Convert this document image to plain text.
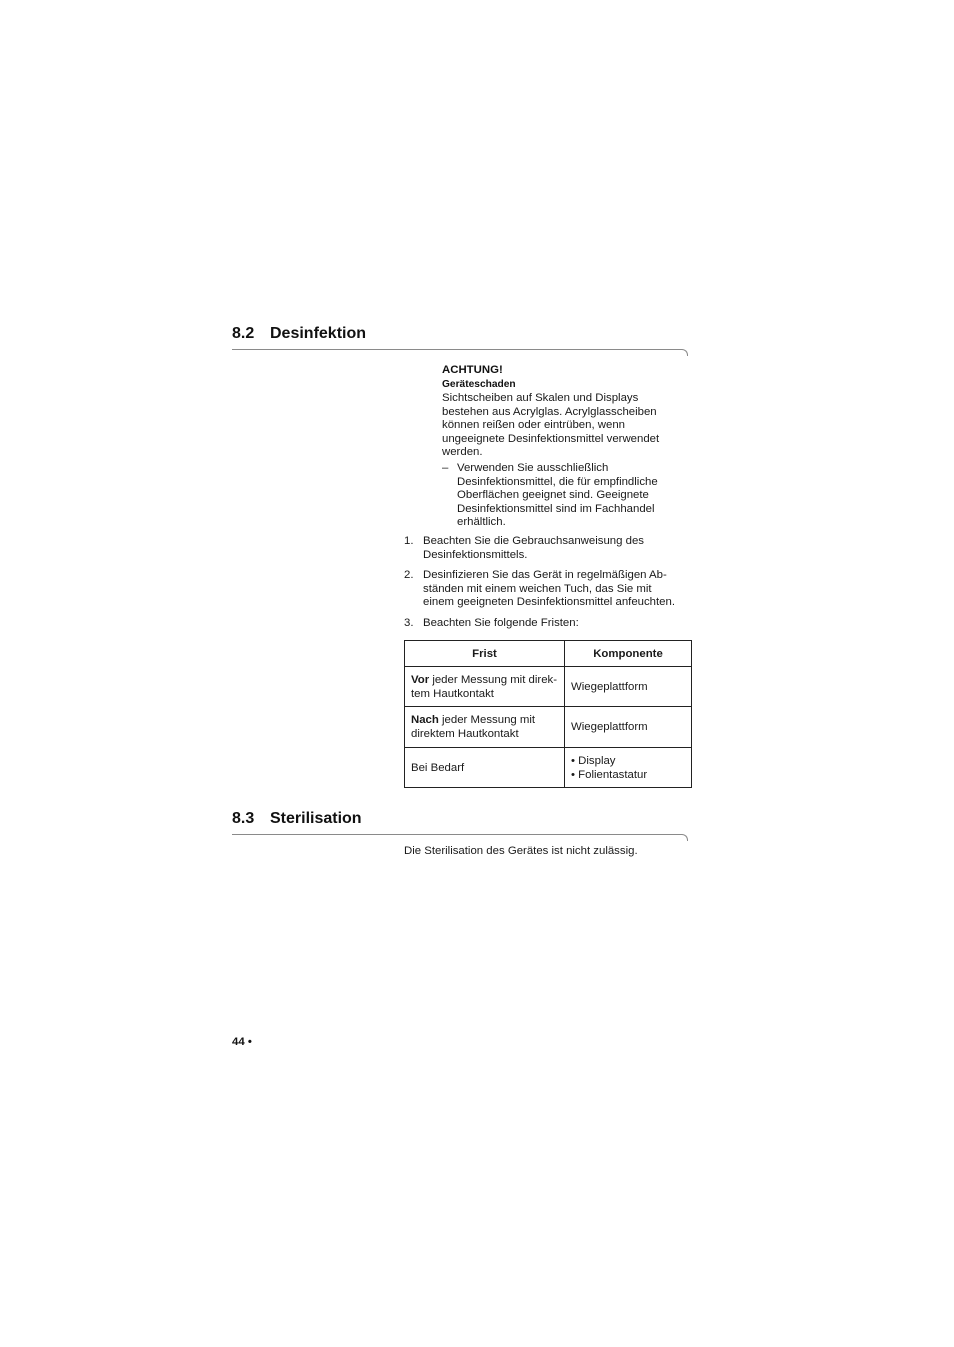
8.2 Desinfektion
ACHTUNG!
Geräteschaden
Sichtscheiben auf Skalen und Displays
bestehen aus Acrylglas. Acrylglasscheiben
können reißen oder eintrüben, wenn
ungeeignete Desinfektionsmittel verwendet
werden.
– Verwenden Sie ausschließlich
Desinfektionsmittel, die für empfindliche
Oberflächen geeignet sind. Geeignete
Desinfektionsmittel sind im Fachhandel
erhältlich.
1. Beachten Sie die Gebrauchsanweisung des
Desinfektionsmittels.
2. Desinfizieren Sie das Gerät in regelmäßigen Ab-
ständen mit einem weichen Tuch, das Sie mit
einem geeigneten Desinfektionsmittel anfeuchten.
3. Beachten Sie folgende Fristen:
Frist	Komponente

Vor jeder Messung mit direk-
tem Hautkontakt	Wiegeplattform

Nach jeder Messung mit
direktem Hautkontakt	Wiegeplattform

Bei Bedarf	• Display
• Folientastatur
8.3 Sterilisation
Die Sterilisation des Gerätes ist nicht zulässig.
44 •
